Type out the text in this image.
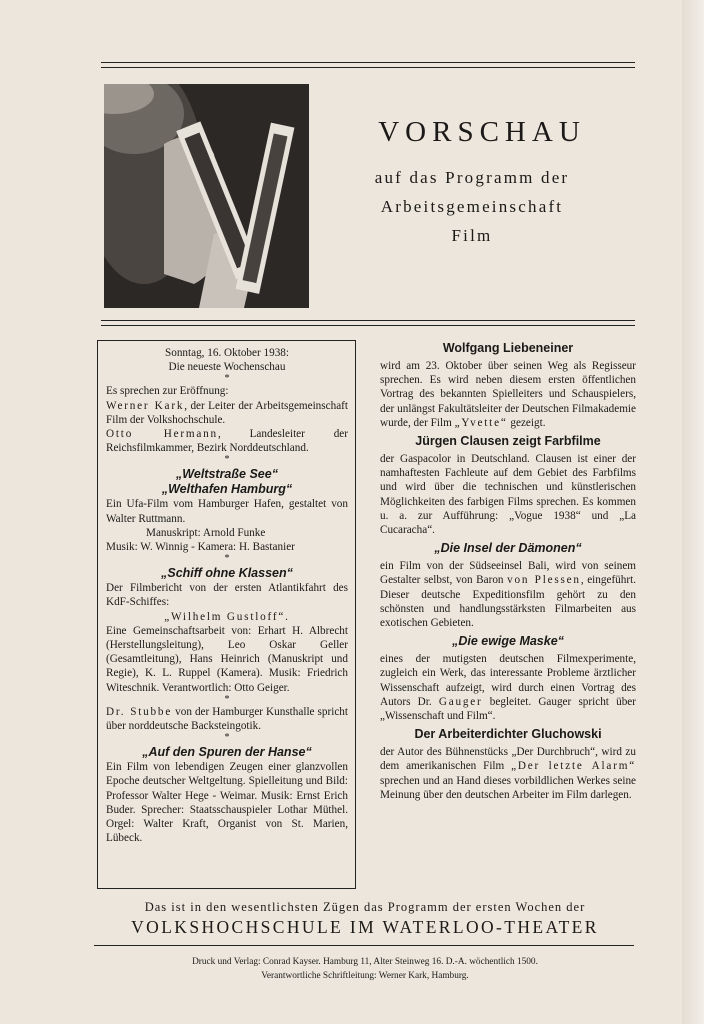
VORSCHAU
auf das Programm der
Arbeitsgemeinschaft
Film
Sonntag, 16. Oktober 1938:
Die neueste Wochenschau
*
Es sprechen zur Eröffnung:
Werner Kark, der Leiter der Arbeitsgemeinschaft Film der Volkshochschule.
Otto Hermann, Landesleiter der Reichsfilmkammer, Bezirk Norddeutschland.
*
„Weltstraße See“
„Welthafen Hamburg“
Ein Ufa-Film vom Hamburger Hafen, gestaltet von Walter Ruttmann.
Manuskript: Arnold Funke
Musik: W. Winnig - Kamera: H. Bastanier
*
„Schiff ohne Klassen“
Der Filmbericht von der ersten Atlantikfahrt des KdF-Schiffes:
„Wilhelm Gustloff“.
Eine Gemeinschaftsarbeit von: Erhart H. Albrecht (Herstellungsleitung), Leo Oskar Geller (Gesamtleitung), Hans Heinrich (Manuskript und Regie), K. L. Ruppel (Kamera). Musik: Friedrich Witeschnik. Verantwortlich: Otto Geiger.
*
Dr. Stubbe von der Hamburger Kunsthalle spricht über norddeutsche Backsteingotik.
*
„Auf den Spuren der Hanse“
Ein Film von lebendigen Zeugen einer glanzvollen Epoche deutscher Weltgeltung. Spielleitung und Bild: Professor Walter Hege - Weimar. Musik: Ernst Erich Buder. Sprecher: Staatsschauspieler Lothar Müthel. Orgel: Walter Kraft, Organist von St. Marien, Lübeck.
Wolfgang Liebeneiner

wird am 23. Oktober über seinen Weg als Regisseur sprechen. Es wird neben diesem ersten öffentlichen Vortrag des bekannten Spielleiters und Schauspielers, der unlängst Fakultätsleiter der Deutschen Filmakademie wurde, der Film „Yvette“ gezeigt.

Jürgen Clausen zeigt Farbfilme

der Gaspacolor in Deutschland. Clausen ist einer der namhaftesten Fachleute auf dem Gebiet des Farbfilms und wird über die technischen und künstlerischen Möglichkeiten des farbigen Films sprechen. Es kommen u. a. zur Aufführung: „Vogue 1938“ und „La Cucaracha“.

„Die Insel der Dämonen“

ein Film von der Südseeinsel Bali, wird von seinem Gestalter selbst, von Baron von Plessen, eingeführt. Dieser deutsche Expeditionsfilm gehört zu den schönsten und handlungsstärksten Filmarbeiten aus exotischen Gebieten.

„Die ewige Maske“

eines der mutigsten deutschen Filmexperimente, zugleich ein Werk, das interessante Probleme ärztlicher Wissenschaft aufzeigt, wird durch einen Vortrag des Autors Dr. Gauger begleitet. Gauger spricht über „Wissenschaft und Film“.

Der Arbeiterdichter Gluchowski

der Autor des Bühnenstücks „Der Durchbruch“, wird zu dem amerikanischen Film „Der letzte Alarm“ sprechen und an Hand dieses vorbildlichen Werkes seine Meinung über den deutschen Arbeiter im Film darlegen.

Das ist in den wesentlichsten Zügen das Programm der ersten Wochen der
VOLKSHOCHSCHULE IM WATERLOO-THEATER
Druck und Verlag: Conrad Kayser. Hamburg 11, Alter Steinweg 16. D.-A. wöchentlich 1500.
Verantwortliche Schriftleitung: Werner Kark, Hamburg.
